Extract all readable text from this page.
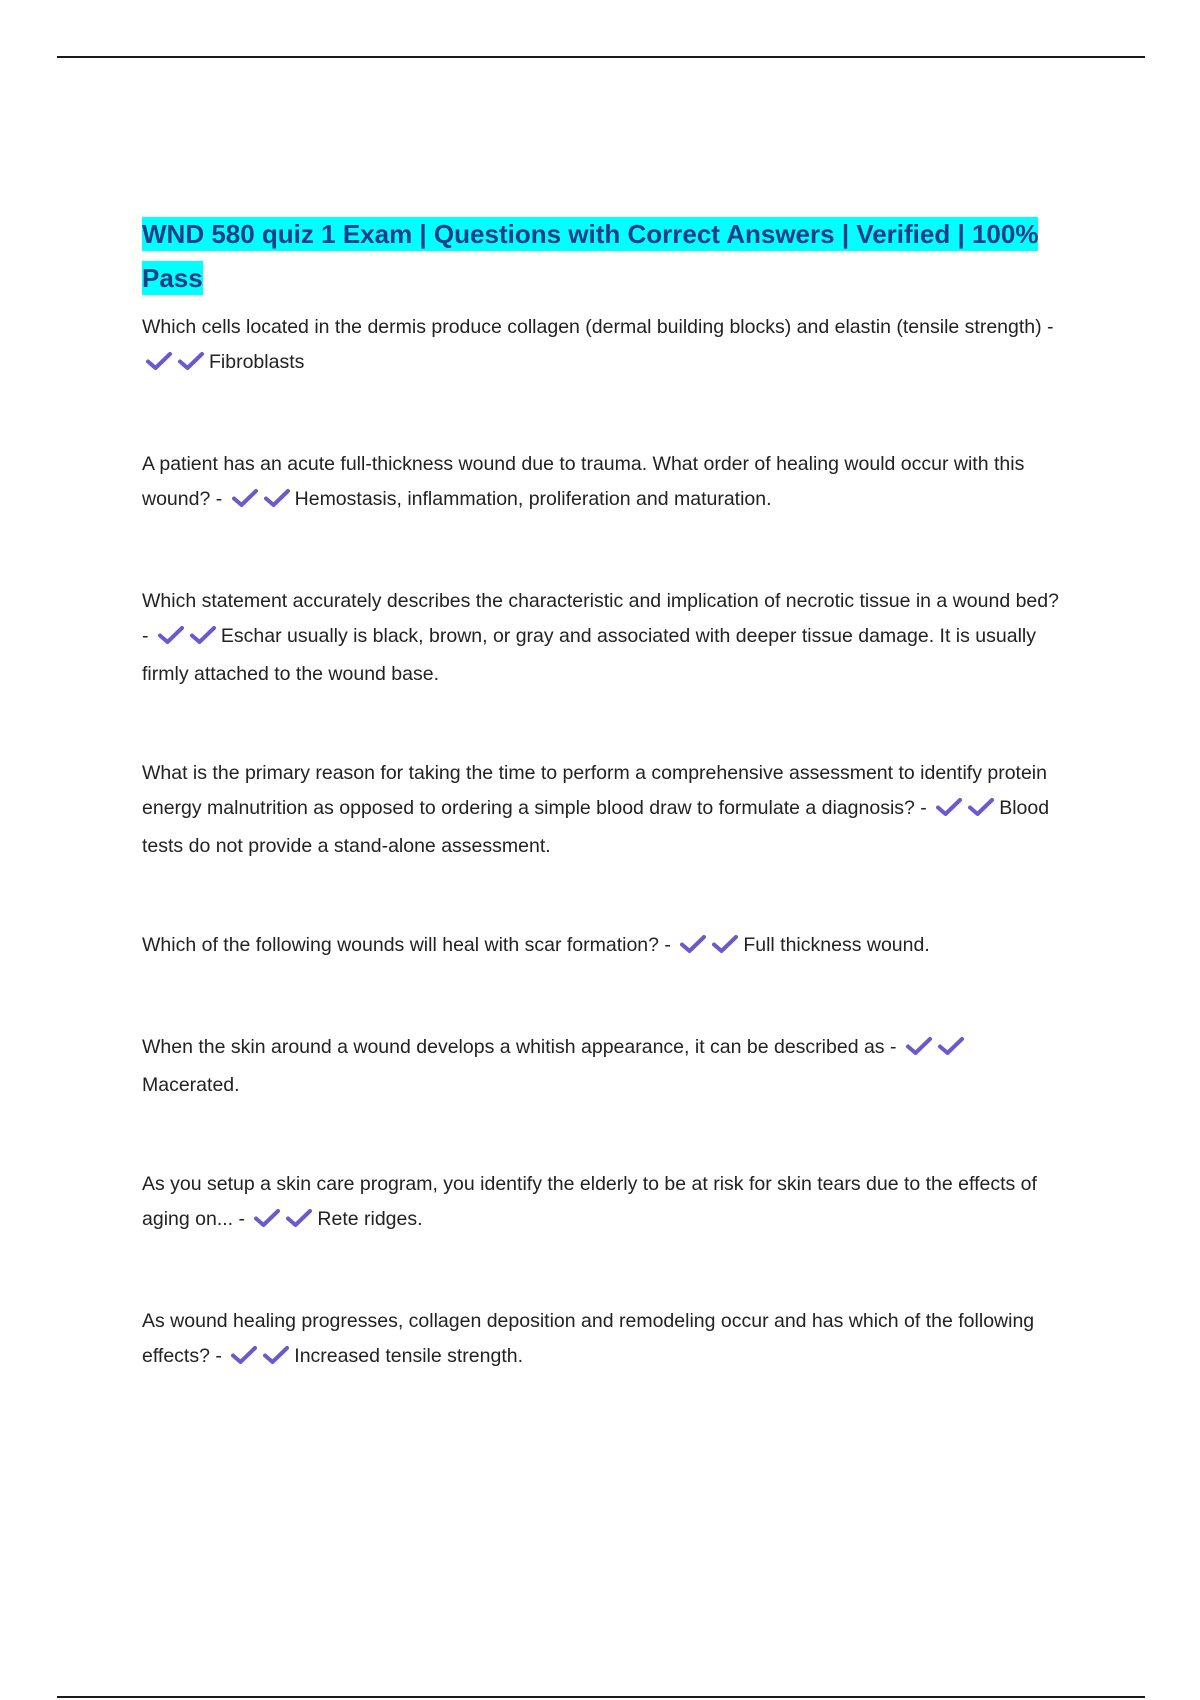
WND 580 quiz 1 Exam | Questions with Correct Answers | Verified | 100% Pass

Which cells located in the dermis produce collagen (dermal building blocks) and elastin (tensile strength) -
Fibroblasts

A patient has an acute full-thickness wound due to trauma. What order of healing would occur with this wound? -	Hemostasis, inflammation, proliferation and maturation.

Which statement accurately describes the characteristic and implication of necrotic tissue in a wound bed? -	Eschar usually is black, brown, or gray and associated with deeper tissue damage. It is usually firmly attached to the wound base.

What is the primary reason for taking the time to perform a comprehensive assessment to identify protein energy malnutrition as opposed to ordering a simple blood draw to formulate a diagnosis? -	Blood tests do not provide a stand-alone assessment.

Which of the following wounds will heal with scar formation? -	Full thickness wound.

When the skin around a wound develops a whitish appearance, it can be described as -
Macerated.

As you setup a skin care program, you identify the elderly to be at risk for skin tears due to the effects of aging on... -	Rete ridges.

As wound healing progresses, collagen deposition and remodeling occur and has which of the following effects? -	Increased tensile strength.
